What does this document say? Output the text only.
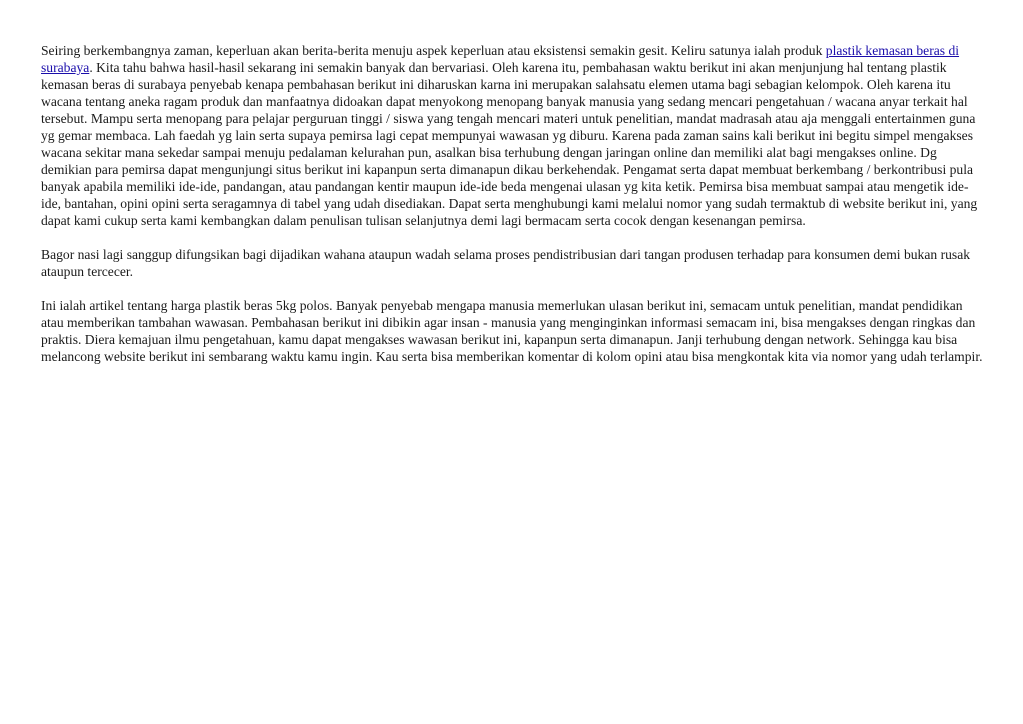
Seiring berkembangnya zaman, keperluan akan berita-berita menuju aspek keperluan atau eksistensi semakin gesit. Keliru satunya ialah produk plastik kemasan beras di surabaya. Kita tahu bahwa hasil-hasil sekarang ini semakin banyak dan bervariasi. Oleh karena itu, pembahasan waktu berikut ini akan menjunjung hal tentang plastik kemasan beras di surabaya penyebab kenapa pembahasan berikut ini diharuskan karna ini merupakan salahsatu elemen utama bagi sebagian kelompok. Oleh karena itu wacana tentang aneka ragam produk dan manfaatnya didoakan dapat menyokong menopang banyak manusia yang sedang mencari pengetahuan / wacana anyar terkait hal tersebut. Mampu serta menopang para pelajar perguruan tinggi / siswa yang tengah mencari materi untuk penelitian, mandat madrasah atau aja menggali entertainmen guna yg gemar membaca. Lah faedah yg lain serta supaya pemirsa lagi cepat mempunyai wawasan yg diburu. Karena pada zaman sains kali berikut ini begitu simpel mengakses wacana sekitar mana sekedar sampai menuju pedalaman kelurahan pun, asalkan bisa terhubung dengan jaringan online dan memiliki alat bagi mengakses online. Dg demikian para pemirsa dapat mengunjungi situs berikut ini kapanpun serta dimanapun dikau berkehendak. Pengamat serta dapat membuat berkembang / berkontribusi pula banyak apabila memiliki ide-ide, pandangan, atau pandangan kentir maupun ide-ide beda mengenai ulasan yg kita ketik. Pemirsa bisa membuat sampai atau mengetik ide-ide, bantahan, opini opini serta seragamnya di tabel yang udah disediakan. Dapat serta menghubungi kami melalui nomor yang sudah termaktub di website berikut ini, yang dapat kami cukup serta kami kembangkan dalam penulisan tulisan selanjutnya demi lagi bermacam serta cocok dengan kesenangan pemirsa.

Bagor nasi lagi sanggup difungsikan bagi dijadikan wahana ataupun wadah selama proses pendistribusian dari tangan produsen terhadap para konsumen demi bukan rusak ataupun tercecer.

Ini ialah artikel tentang harga plastik beras 5kg polos. Banyak penyebab mengapa manusia memerlukan ulasan berikut ini, semacam untuk penelitian, mandat pendidikan atau memberikan tambahan wawasan. Pembahasan berikut ini dibikin agar insan - manusia yang menginginkan informasi semacam ini, bisa mengakses dengan ringkas dan praktis. Diera kemajuan ilmu pengetahuan, kamu dapat mengakses wawasan berikut ini, kapanpun serta dimanapun. Janji terhubung dengan network. Sehingga kau bisa melancong website berikut ini sembarang waktu kamu ingin. Kau serta bisa memberikan komentar di kolom opini atau bisa mengkontak kita via nomor yang udah terlampir.
